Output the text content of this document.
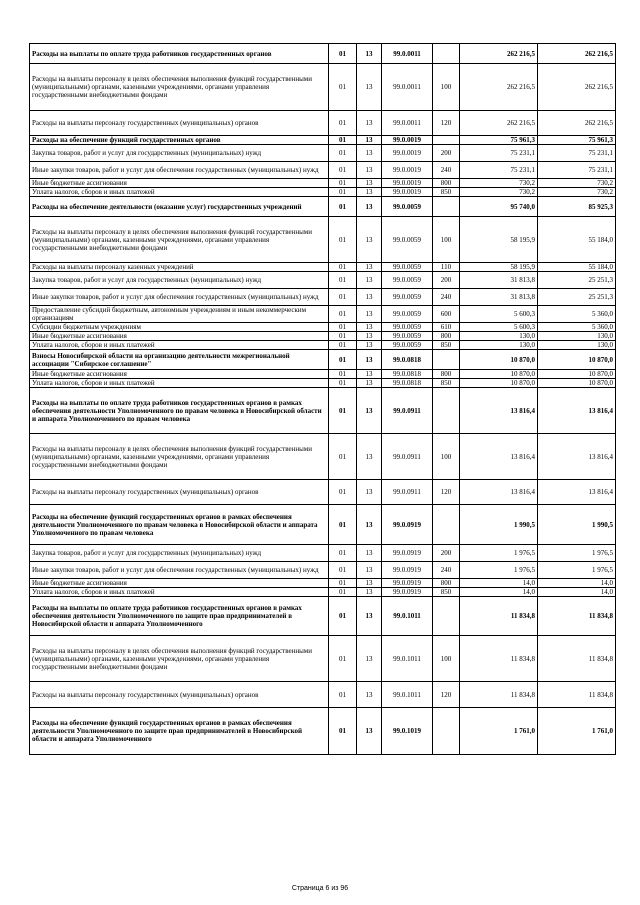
Расходы на выплаты по оплате труда работников государственных органов	01	13	99.0.0011		262 216,5	262 216,5
Расходы на выплаты персоналу в целях обеспечения выполнения функций государственными (муниципальными) органами, казенными учреждениями, органами управления государственными внебюджетными фондами	01	13	99.0.0011	100	262 216,5	262 216,5
Расходы на выплаты персоналу государственных (муниципальных) органов	01	13	99.0.0011	120	262 216,5	262 216,5
Расходы на обеспечение функций государственных органов	01	13	99.0.0019		75 961,3	75 961,3
Закупка товаров, работ и услуг для государственных (муниципальных) нужд	01	13	99.0.0019	200	75 231,1	75 231,1
Иные закупки товаров, работ и услуг для обеспечения государственных (муниципальных) нужд	01	13	99.0.0019	240	75 231,1	75 231,1
Иные бюджетные ассигнования	01	13	99.0.0019	800	730,2	730,2
Уплата налогов, сборов и иных платежей	01	13	99.0.0019	850	730,2	730,2
Расходы на обеспечение деятельности (оказание услуг) государственных учреждений	01	13	99.0.0059		95 740,0	85 925,3
Расходы на выплаты персоналу в целях обеспечения выполнения функций государственными (муниципальными) органами, казенными учреждениями, органами управления государственными внебюджетными фондами	01	13	99.0.0059	100	58 195,9	55 184,0
Расходы на выплаты персоналу казенных учреждений	01	13	99.0.0059	110	58 195,9	55 184,0
Закупка товаров, работ и услуг для государственных (муниципальных) нужд	01	13	99.0.0059	200	31 813,8	25 251,3
Иные закупки товаров, работ и услуг для обеспечения государственных (муниципальных) нужд	01	13	99.0.0059	240	31 813,8	25 251,3
Предоставление субсидий бюджетным, автономным учреждениям и иным некоммерческим организациям	01	13	99.0.0059	600	5 600,3	5 360,0
Субсидии бюджетным учреждениям	01	13	99.0.0059	610	5 600,3	5 360,0
Иные бюджетные ассигнования	01	13	99.0.0059	800	130,0	130,0
Уплата налогов, сборов и иных платежей	01	13	99.0.0059	850	130,0	130,0
Взносы Новосибирской области на организацию деятельности межрегиональной ассоциации "Сибирское соглашение"	01	13	99.0.0818		10 870,0	10 870,0
Иные бюджетные ассигнования	01	13	99.0.0818	800	10 870,0	10 870,0
Уплата налогов, сборов и иных платежей	01	13	99.0.0818	850	10 870,0	10 870,0
Расходы на выплаты по оплате труда работников государственных органов в рамках обеспечения деятельности Уполномоченного по правам человека в Новосибирской области и аппарата Уполномоченного по правам человека	01	13	99.0.0911		13 816,4	13 816,4
Расходы на выплаты персоналу в целях обеспечения выполнения функций государственными (муниципальными) органами, казенными учреждениями, органами управления государственными внебюджетными фондами	01	13	99.0.0911	100	13 816,4	13 816,4
Расходы на выплаты персоналу государственных (муниципальных) органов	01	13	99.0.0911	120	13 816,4	13 816,4
Расходы на обеспечение функций государственных органов в рамках обеспечения деятельности Уполномоченного по правам человека в Новосибирской области и аппарата Уполномоченного по правам человека	01	13	99.0.0919		1 990,5	1 990,5
Закупка товаров, работ и услуг для государственных (муниципальных) нужд	01	13	99.0.0919	200	1 976,5	1 976,5
Иные закупки товаров, работ и услуг для обеспечения государственных (муниципальных) нужд	01	13	99.0.0919	240	1 976,5	1 976,5
Иные бюджетные ассигнования	01	13	99.0.0919	800	14,0	14,0
Уплата налогов, сборов и иных платежей	01	13	99.0.0919	850	14,0	14,0
Расходы на выплаты по оплате труда работников государственных органов в рамках обеспечения деятельности Уполномоченного по защите прав предпринимателей в Новосибирской области и аппарата Уполномоченного	01	13	99.0.1011		11 834,8	11 834,8
Расходы на выплаты персоналу в целях обеспечения выполнения функций государственными (муниципальными) органами, казенными учреждениями, органами управления государственными внебюджетными фондами	01	13	99.0.1011	100	11 834,8	11 834,8
Расходы на выплаты персоналу государственных (муниципальных) органов	01	13	99.0.1011	120	11 834,8	11 834,8
Расходы на обеспечение функций государственных органов в рамках обеспечения деятельности Уполномоченного по защите прав предпринимателей в Новосибирской области и аппарата Уполномоченного	01	13	99.0.1019		1 761,0	1 761,0
Страница 6 из 96
